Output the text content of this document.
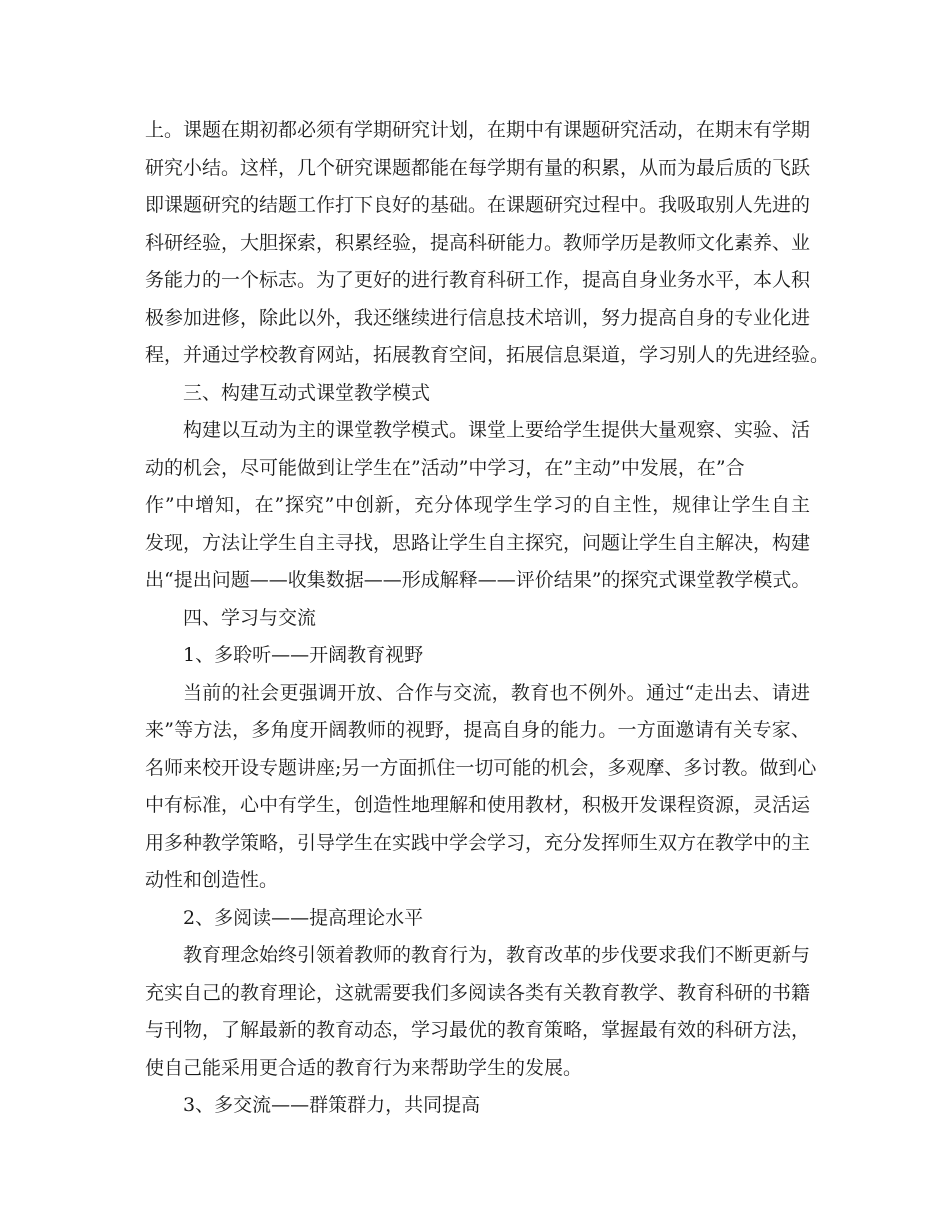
上。课题在期初都必须有学期研究计划，在期中有课题研究活动，在期末有学期
研究小结。这样，几个研究课题都能在每学期有量的积累，从而为最后质的飞跃
即课题研究的结题工作打下良好的基础。在课题研究过程中。我吸取别人先进的
科研经验，大胆探索，积累经验，提高科研能力。教师学历是教师文化素养、业
务能力的一个标志。为了更好的进行教育科研工作，提高自身业务水平，本人积
极参加进修，除此以外，我还继续进行信息技术培训，努力提高自身的专业化进
程，并通过学校教育网站，拓展教育空间，拓展信息渠道，学习别人的先进经验。
三、构建互动式课堂教学模式
构建以互动为主的课堂教学模式。课堂上要给学生提供大量观察、实验、活
动的机会，尽可能做到让学生在”活动”中学习，在”主动”中发展，在”合
作”中增知，在”探究”中创新，充分体现学生学习的自主性，规律让学生自主
发现，方法让学生自主寻找，思路让学生自主探究，问题让学生自主解决，构建
出“提出问题——收集数据——形成解释——评价结果”的探究式课堂教学模式。
四、学习与交流
1、多聆听——开阔教育视野
当前的社会更强调开放、合作与交流，教育也不例外。通过“走出去、请进
来”等方法，多角度开阔教师的视野，提高自身的能力。一方面邀请有关专家、
名师来校开设专题讲座;另一方面抓住一切可能的机会，多观摩、多讨教。做到心
中有标准，心中有学生，创造性地理解和使用教材，积极开发课程资源，灵活运
用多种教学策略，引导学生在实践中学会学习，充分发挥师生双方在教学中的主
动性和创造性。
2、多阅读——提高理论水平
教育理念始终引领着教师的教育行为，教育改革的步伐要求我们不断更新与
充实自己的教育理论，这就需要我们多阅读各类有关教育教学、教育科研的书籍
与刊物，了解最新的教育动态，学习最优的教育策略，掌握最有效的科研方法，
使自己能采用更合适的教育行为来帮助学生的发展。
3、多交流——群策群力，共同提高
